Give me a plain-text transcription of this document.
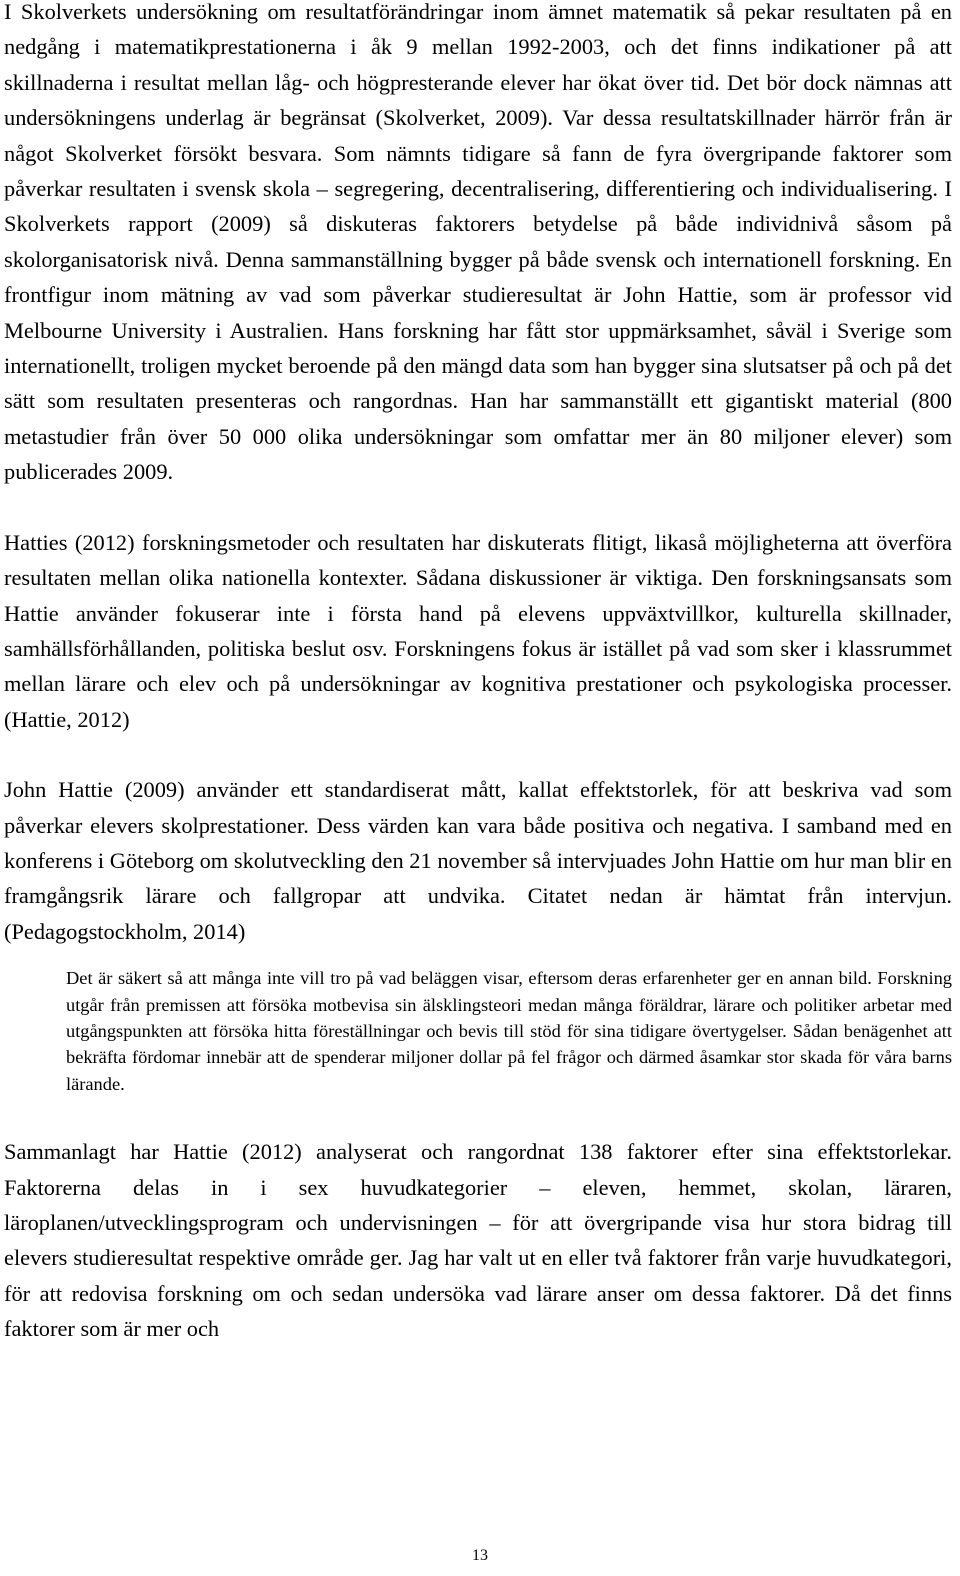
I Skolverkets undersökning om resultatförändringar inom ämnet matematik så pekar resultaten på en nedgång i matematikprestationerna i åk 9 mellan 1992-2003, och det finns indikationer på att skillnaderna i resultat mellan låg- och högpresterande elever har ökat över tid. Det bör dock nämnas att undersökningens underlag är begränsat (Skolverket, 2009). Var dessa resultatskillnader härrör från är något Skolverket försökt besvara. Som nämnts tidigare så fann de fyra övergripande faktorer som påverkar resultaten i svensk skola – segregering, decentralisering, differentiering och individualisering. I Skolverkets rapport (2009) så diskuteras faktorers betydelse på både individnivå såsom på skolorganisatorisk nivå. Denna sammanställning bygger på både svensk och internationell forskning. En frontfigur inom mätning av vad som påverkar studieresultat är John Hattie, som är professor vid Melbourne University i Australien. Hans forskning har fått stor uppmärksamhet, såväl i Sverige som internationellt, troligen mycket beroende på den mängd data som han bygger sina slutsatser på och på det sätt som resultaten presenteras och rangordnas. Han har sammanställt ett gigantiskt material (800 metastudier från över 50 000 olika undersökningar som omfattar mer än 80 miljoner elever) som publicerades 2009.

Hatties (2012) forskningsmetoder och resultaten har diskuterats flitigt, likaså möjligheterna att överföra resultaten mellan olika nationella kontexter. Sådana diskussioner är viktiga. Den forskningsansats som Hattie använder fokuserar inte i första hand på elevens uppväxtvillkor, kulturella skillnader, samhällsförhållanden, politiska beslut osv. Forskningens fokus är istället på vad som sker i klassrummet mellan lärare och elev och på undersökningar av kognitiva prestationer och psykologiska processer. (Hattie, 2012)

John Hattie (2009) använder ett standardiserat mått, kallat effektstorlek, för att beskriva vad som påverkar elevers skolprestationer. Dess värden kan vara både positiva och negativa. I samband med en konferens i Göteborg om skolutveckling den 21 november så intervjuades John Hattie om hur man blir en framgångsrik lärare och fallgropar att undvika. Citatet nedan är hämtat från intervjun. (Pedagogstockholm, 2014)

Det är säkert så att många inte vill tro på vad beläggen visar, eftersom deras erfarenheter ger en annan bild. Forskning utgår från premissen att försöka motbevisa sin älsklingsteori medan många föräldrar, lärare och politiker arbetar med utgångspunkten att försöka hitta föreställningar och bevis till stöd för sina tidigare övertygelser. Sådan benägenhet att bekräfta fördomar innebär att de spenderar miljoner dollar på fel frågor och därmed åsamkar stor skada för våra barns lärande.

Sammanlagt har Hattie (2012) analyserat och rangordnat 138 faktorer efter sina effektstorlekar. Faktorerna delas in i sex huvudkategorier – eleven, hemmet, skolan, läraren, läroplanen/utvecklingsprogram och undervisningen – för att övergripande visa hur stora bidrag till elevers studieresultat respektive område ger. Jag har valt ut en eller två faktorer från varje huvudkategori, för att redovisa forskning om och sedan undersöka vad lärare anser om dessa faktorer. Då det finns faktorer som är mer och

13
